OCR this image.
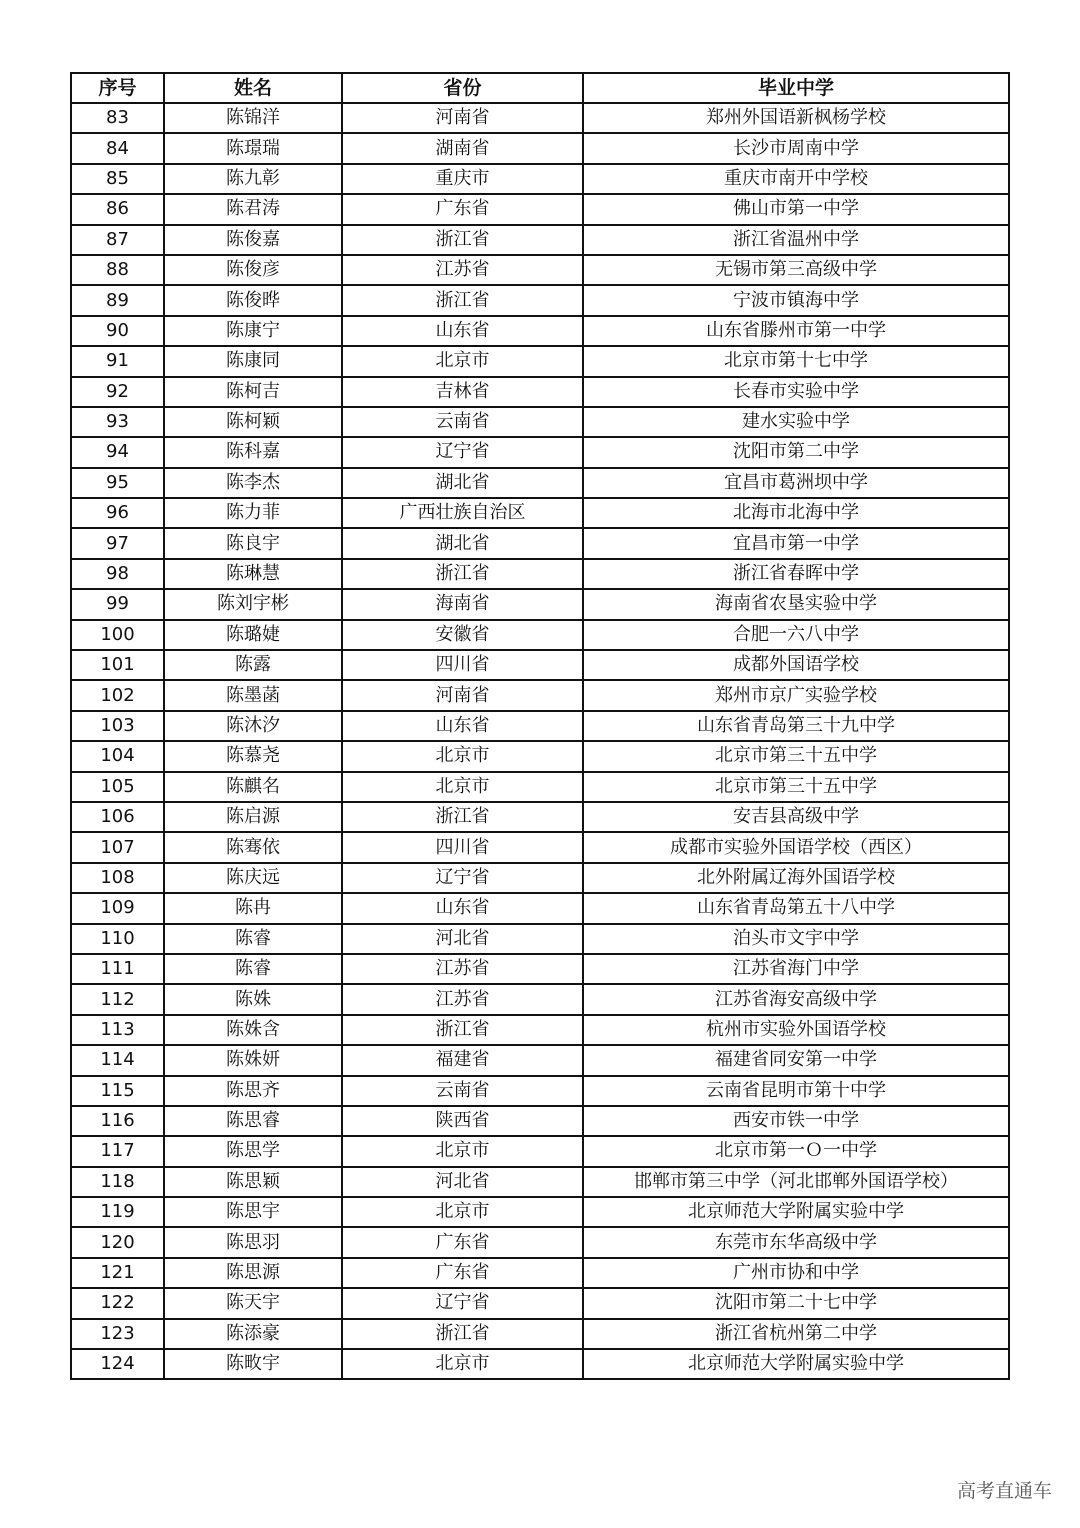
序号	姓名	省份	毕业中学
83	陈锦洋	河南省	郑州外国语新枫杨学校
84	陈璟瑞	湖南省	长沙市周南中学
85	陈九彰	重庆市	重庆市南开中学校
86	陈君涛	广东省	佛山市第一中学
87	陈俊嘉	浙江省	浙江省温州中学
88	陈俊彦	江苏省	无锡市第三高级中学
89	陈俊晔	浙江省	宁波市镇海中学
90	陈康宁	山东省	山东省滕州市第一中学
91	陈康同	北京市	北京市第十七中学
92	陈柯吉	吉林省	长春市实验中学
93	陈柯颖	云南省	建水实验中学
94	陈科嘉	辽宁省	沈阳市第二中学
95	陈李杰	湖北省	宜昌市葛洲坝中学
96	陈力菲	广西壮族自治区	北海市北海中学
97	陈良宇	湖北省	宜昌市第一中学
98	陈琳慧	浙江省	浙江省春晖中学
99	陈刘宇彬	海南省	海南省农垦实验中学
100	陈璐婕	安徽省	合肥一六八中学
101	陈露	四川省	成都外国语学校
102	陈墨菡	河南省	郑州市京广实验学校
103	陈沐汐	山东省	山东省青岛第三十九中学
104	陈慕尧	北京市	北京市第三十五中学
105	陈麒名	北京市	北京市第三十五中学
106	陈启源	浙江省	安吉县高级中学
107	陈骞依	四川省	成都市实验外国语学校（西区）
108	陈庆远	辽宁省	北外附属辽海外国语学校
109	陈冉	山东省	山东省青岛第五十八中学
110	陈睿	河北省	泊头市文宇中学
111	陈睿	江苏省	江苏省海门中学
112	陈姝	江苏省	江苏省海安高级中学
113	陈姝含	浙江省	杭州市实验外国语学校
114	陈姝妍	福建省	福建省同安第一中学
115	陈思齐	云南省	云南省昆明市第十中学
116	陈思睿	陕西省	西安市铁一中学
117	陈思学	北京市	北京市第一Ｏ一中学
118	陈思颖	河北省	邯郸市第三中学（河北邯郸外国语学校）
119	陈思宇	北京市	北京师范大学附属实验中学
120	陈思羽	广东省	东莞市东华高级中学
121	陈思源	广东省	广州市协和中学
122	陈天宇	辽宁省	沈阳市第二十七中学
123	陈添豪	浙江省	浙江省杭州第二中学
124	陈畋宇	北京市	北京师范大学附属实验中学
高考直通车
